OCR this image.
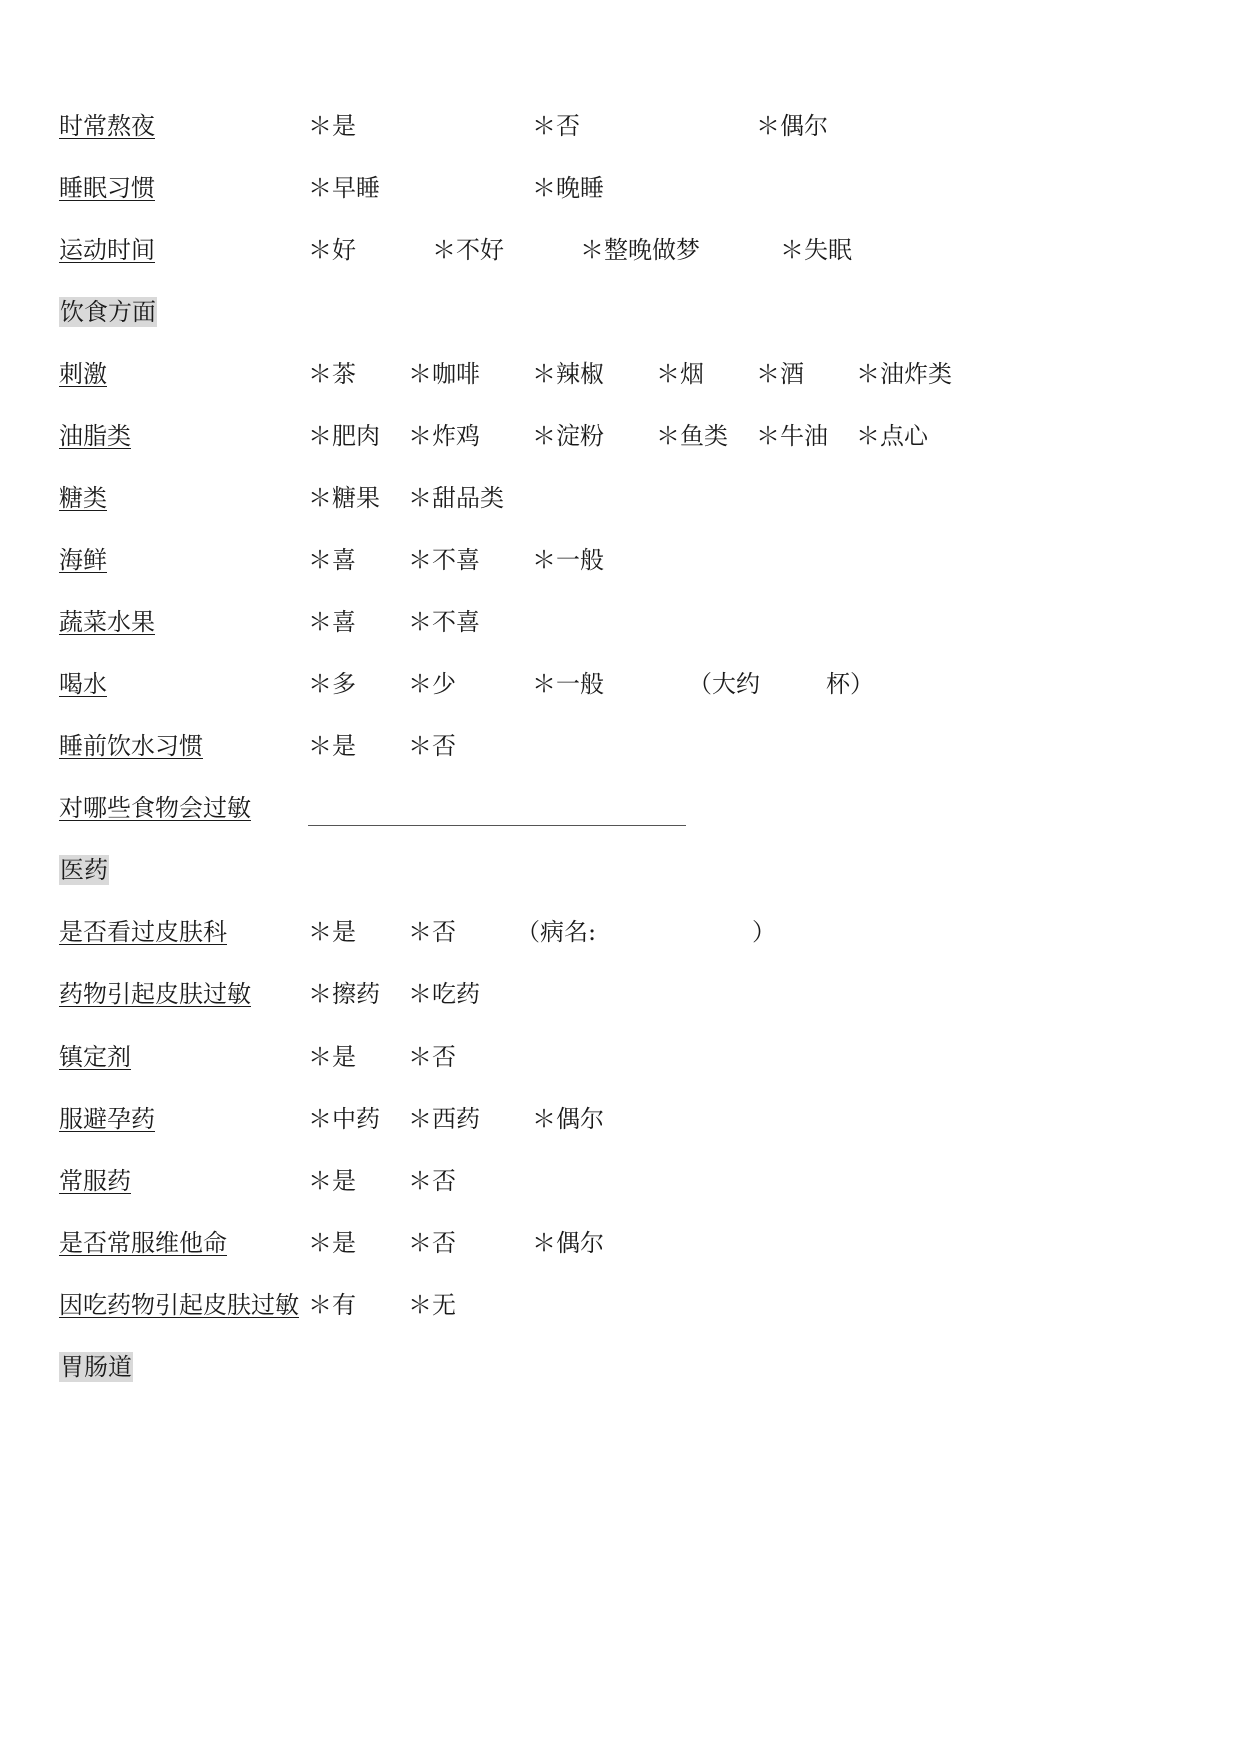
时常熬夜	＊是	＊否	＊偶尔
睡眠习惯	＊早睡	＊晚睡
运动时间	＊好	＊不好	＊整晚做梦	＊失眠
饮食方面
刺激	＊茶 ＊咖啡 ＊辣椒 ＊烟 ＊酒 ＊油炸类
油脂类	＊肥肉 ＊炸鸡 ＊淀粉 ＊鱼类 ＊牛油 ＊点心
糖类	＊糖果 ＊甜品类
海鲜	＊喜 ＊不喜 ＊一般
蔬菜水果	＊喜 ＊不喜
喝水	＊多 ＊少	＊一般	（大约	杯）
睡前饮水习惯	＊是 ＊否
对哪些食物会过敏
医药
是否看过皮肤科	＊是 ＊否	（病名:	）
药物引起皮肤过敏 ＊擦药 ＊吃药
镇定剂	＊是 ＊否
服避孕药	＊中药 ＊西药 ＊偶尔
常服药	＊是 ＊否
是否常服维他命	＊是 ＊否	＊偶尔
因吃药物引起皮肤过敏 ＊有 ＊无
胃肠道
